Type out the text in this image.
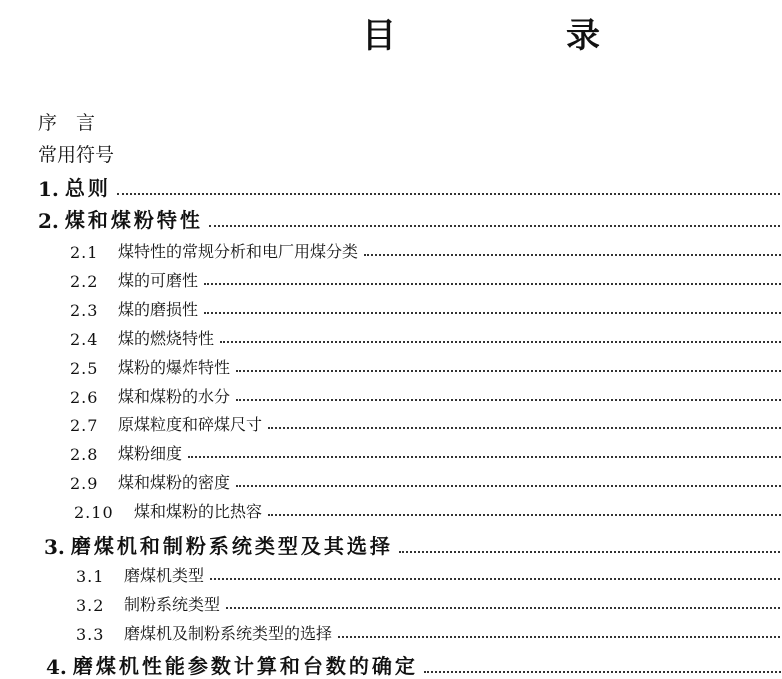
目	录
序　言
常用符号
1. 总则
2. 煤和煤粉特性
2.1	煤特性的常规分析和电厂用煤分类
2.2	煤的可磨性
2.3	煤的磨损性
2.4	煤的燃烧特性
2.5	煤粉的爆炸特性
2.6	煤和煤粉的水分
2.7	原煤粒度和碎煤尺寸
2.8	煤粉细度
2.9	煤和煤粉的密度
2.10	煤和煤粉的比热容
3. 磨煤机和制粉系统类型及其选择
3.1	磨煤机类型
3.2	制粉系统类型
3.3	磨煤机及制粉系统类型的选择
4. 磨煤机性能参数计算和台数的确定
